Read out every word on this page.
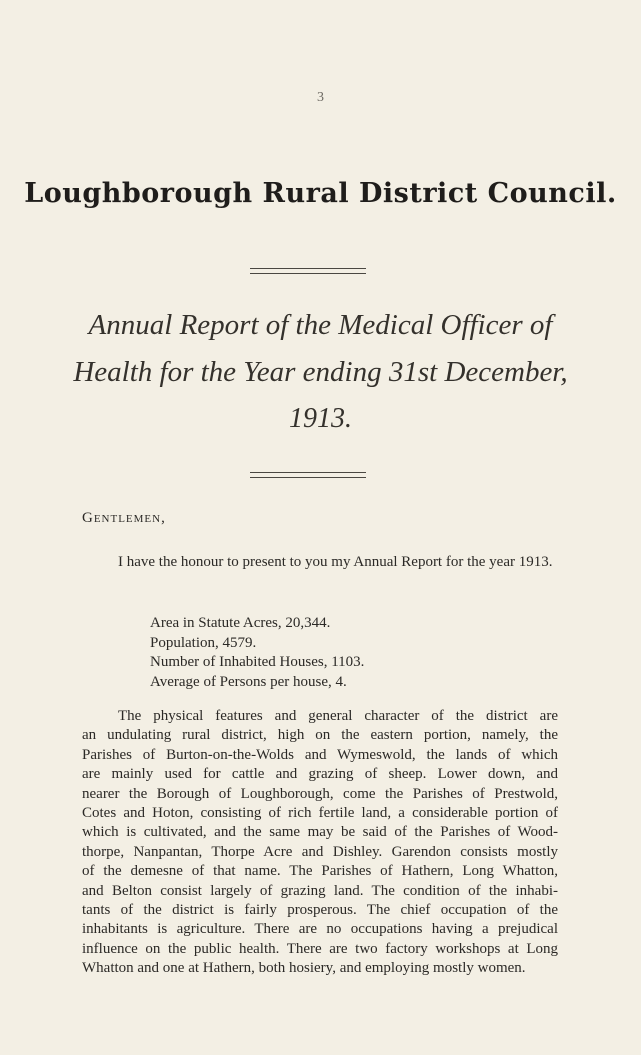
3
Loughborough Rural District Council.
Annual Report of the Medical Officer of
Health for the Year ending 31st December,
1913.
Gentlemen,

I have the honour to present to you my Annual Report for the year 1913.

Area in Statute Acres, 20,344.
Population, 4579.
Number of Inhabited Houses, 1103.
Average of Persons per house, 4.

The physical features and general character of the district are
an undulating rural district, high on the eastern portion, namely, the
Parishes of Burton-on-the-Wolds and Wymeswold, the lands of which
are mainly used for cattle and grazing of sheep. Lower down, and
nearer the Borough of Loughborough, come the Parishes of Prestwold,
Cotes and Hoton, consisting of rich fertile land, a considerable portion of
which is cultivated, and the same may be said of the Parishes of Wood-
thorpe, Nanpantan, Thorpe Acre and Dishley. Garendon consists mostly
of the demesne of that name. The Parishes of Hathern, Long Whatton,
and Belton consist largely of grazing land. The condition of the inhabi-
tants of the district is fairly prosperous. The chief occupation of the
inhabitants is agriculture. There are no occupations having a prejudical
influence on the public health. There are two factory workshops at Long
Whatton and one at Hathern, both hosiery, and employing mostly women.
